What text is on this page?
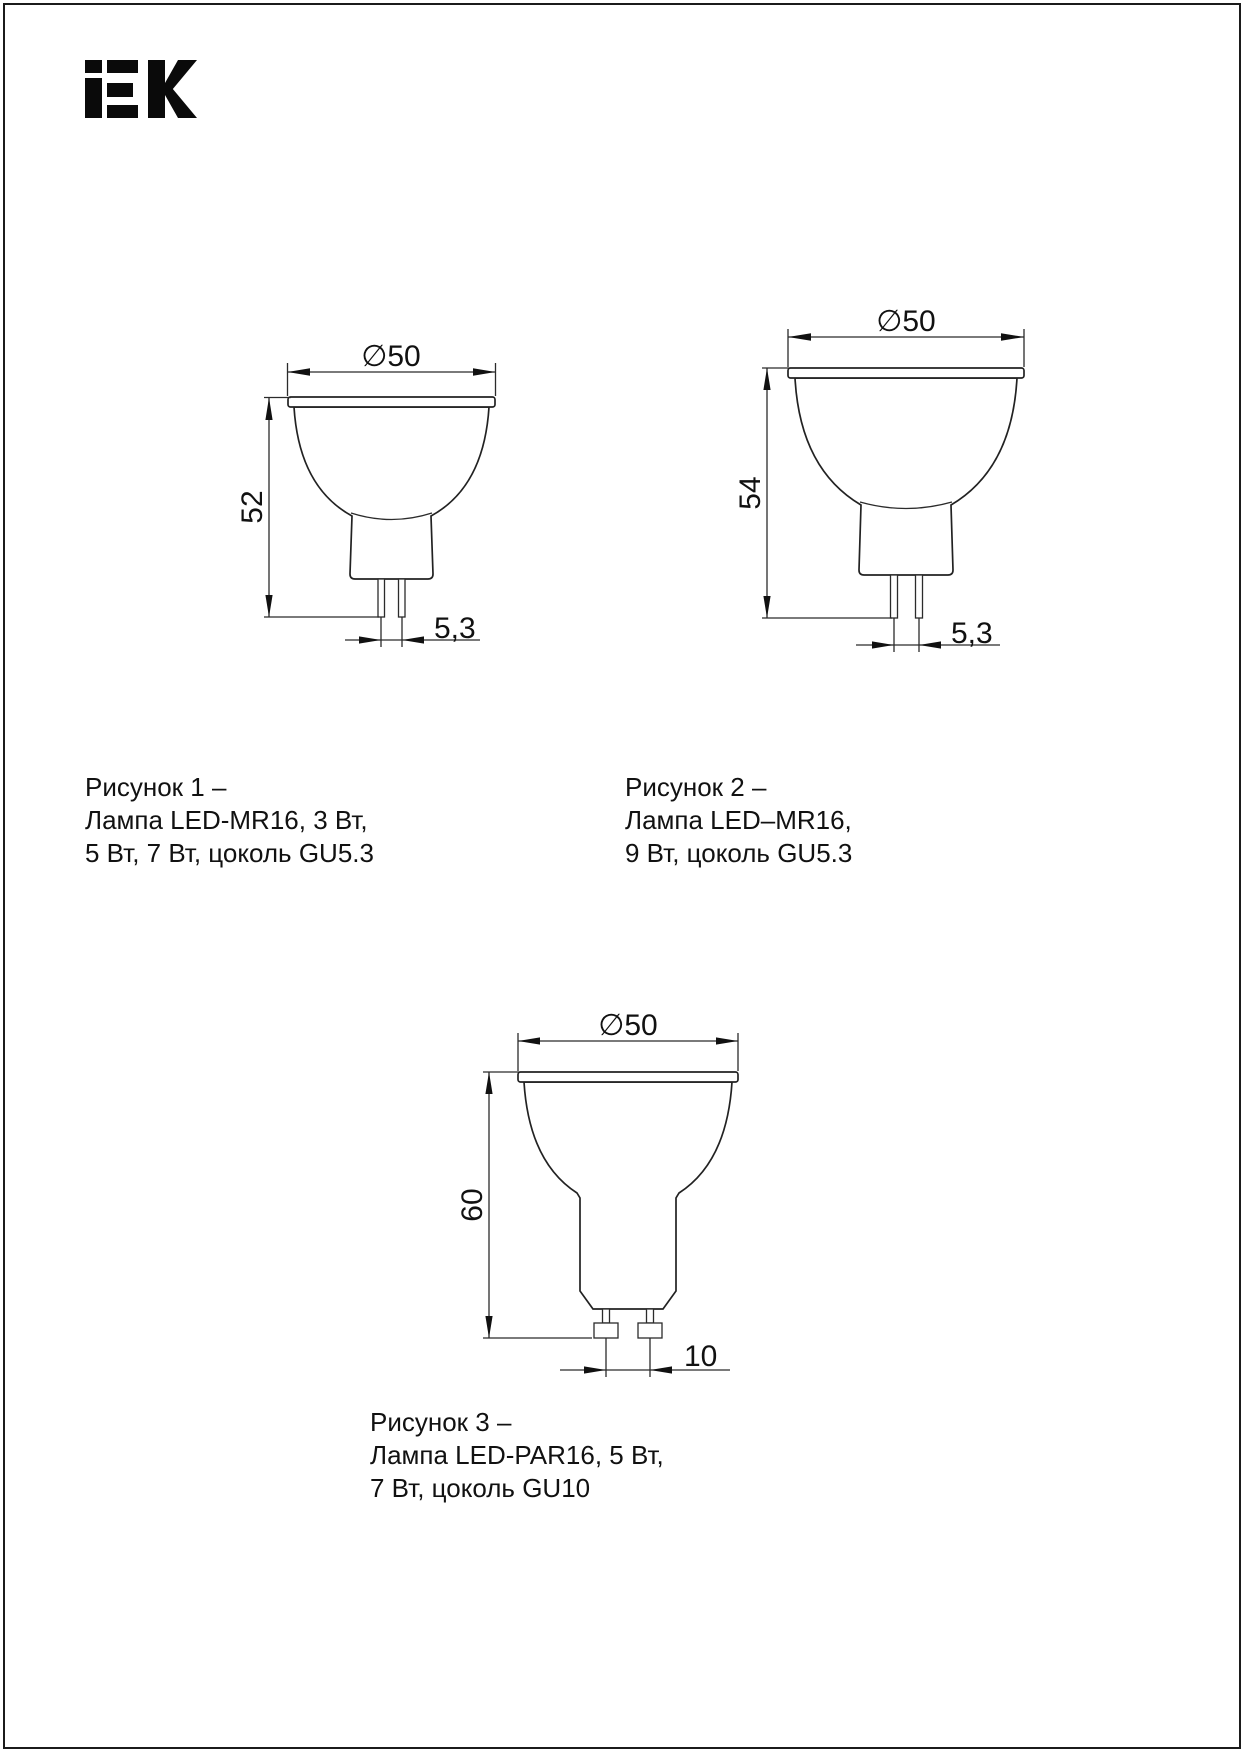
∅50
5,3
52
∅50
5,3
54
∅50
10
60
Рисунок 1 –
Лампа LED-MR16, 3 Вт,
5 Вт, 7 Вт, цоколь GU5.3
Рисунок 2 –
Лампа LED–MR16,
9 Вт, цоколь GU5.3
Рисунок 3 –
Лампа LED-PAR16, 5 Вт,
7 Вт, цоколь GU10
